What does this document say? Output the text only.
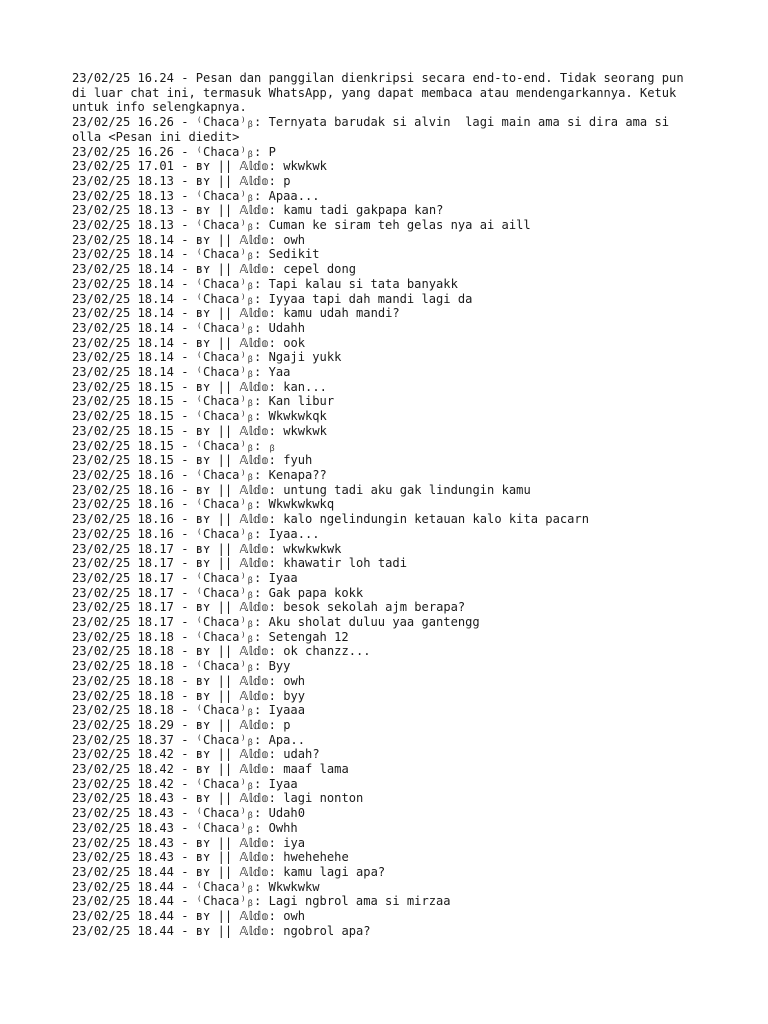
23/02/25 16.24 - Pesan dan panggilan dienkripsi secara end-to-end. Tidak seorang pun di luar chat ini, termasuk WhatsApp, yang dapat membaca atau mendengarkannya. Ketuk untuk info selengkapnya.
23/02/25 16.26 - ⁽Chaca⁾ᵦ: Ternyata barudak si alvin  lagi main ama si dira ama si olla <Pesan ini diedit>
23/02/25 16.26 - ⁽Chaca⁾ᵦ: P
23/02/25 17.01 - ʙʏ || 𝔸𝕝𝕕𝕠: wkwkwk
23/02/25 18.13 - ʙʏ || 𝔸𝕝𝕕𝕠: p
23/02/25 18.13 - ⁽Chaca⁾ᵦ: Apaa...
23/02/25 18.13 - ʙʏ || 𝔸𝕝𝕕𝕠: kamu tadi gakpapa kan?
23/02/25 18.13 - ⁽Chaca⁾ᵦ: Cuman ke siram teh gelas nya ai aill
23/02/25 18.14 - ʙʏ || 𝔸𝕝𝕕𝕠: owh
23/02/25 18.14 - ⁽Chaca⁾ᵦ: Sedikit
23/02/25 18.14 - ʙʏ || 𝔸𝕝𝕕𝕠: cepel dong
23/02/25 18.14 - ⁽Chaca⁾ᵦ: Tapi kalau si tata banyakk
23/02/25 18.14 - ⁽Chaca⁾ᵦ: Iyyaa tapi dah mandi lagi da
23/02/25 18.14 - ʙʏ || 𝔸𝕝𝕕𝕠: kamu udah mandi?
23/02/25 18.14 - ⁽Chaca⁾ᵦ: Udahh
23/02/25 18.14 - ʙʏ || 𝔸𝕝𝕕𝕠: ook
23/02/25 18.14 - ⁽Chaca⁾ᵦ: Ngaji yukk
23/02/25 18.14 - ⁽Chaca⁾ᵦ: Yaa
23/02/25 18.15 - ʙʏ || 𝔸𝕝𝕕𝕠: kan...
23/02/25 18.15 - ⁽Chaca⁾ᵦ: Kan libur
23/02/25 18.15 - ⁽Chaca⁾ᵦ: Wkwkwkqk
23/02/25 18.15 - ʙʏ || 𝔸𝕝𝕕𝕠: wkwkwk
23/02/25 18.15 - ⁽Chaca⁾ᵦ: ᵦ
23/02/25 18.15 - ʙʏ || 𝔸𝕝𝕕𝕠: fyuh
23/02/25 18.16 - ⁽Chaca⁾ᵦ: Kenapa??
23/02/25 18.16 - ʙʏ || 𝔸𝕝𝕕𝕠: untung tadi aku gak lindungin kamu
23/02/25 18.16 - ⁽Chaca⁾ᵦ: Wkwkwkwkq
23/02/25 18.16 - ʙʏ || 𝔸𝕝𝕕𝕠: kalo ngelindungin ketauan kalo kita pacarn
23/02/25 18.16 - ⁽Chaca⁾ᵦ: Iyaa...
23/02/25 18.17 - ʙʏ || 𝔸𝕝𝕕𝕠: wkwkwkwk
23/02/25 18.17 - ʙʏ || 𝔸𝕝𝕕𝕠: khawatir loh tadi
23/02/25 18.17 - ⁽Chaca⁾ᵦ: Iyaa
23/02/25 18.17 - ⁽Chaca⁾ᵦ: Gak papa kokk
23/02/25 18.17 - ʙʏ || 𝔸𝕝𝕕𝕠: besok sekolah ajm berapa?
23/02/25 18.17 - ⁽Chaca⁾ᵦ: Aku sholat duluu yaa gantengg
23/02/25 18.18 - ⁽Chaca⁾ᵦ: Setengah 12
23/02/25 18.18 - ʙʏ || 𝔸𝕝𝕕𝕠: ok chanzz...
23/02/25 18.18 - ⁽Chaca⁾ᵦ: Byy
23/02/25 18.18 - ʙʏ || 𝔸𝕝𝕕𝕠: owh
23/02/25 18.18 - ʙʏ || 𝔸𝕝𝕕𝕠: byy
23/02/25 18.18 - ⁽Chaca⁾ᵦ: Iyaaa
23/02/25 18.29 - ʙʏ || 𝔸𝕝𝕕𝕠: p
23/02/25 18.37 - ⁽Chaca⁾ᵦ: Apa..
23/02/25 18.42 - ʙʏ || 𝔸𝕝𝕕𝕠: udah?
23/02/25 18.42 - ʙʏ || 𝔸𝕝𝕕𝕠: maaf lama
23/02/25 18.42 - ⁽Chaca⁾ᵦ: Iyaa
23/02/25 18.43 - ʙʏ || 𝔸𝕝𝕕𝕠: lagi nonton
23/02/25 18.43 - ⁽Chaca⁾ᵦ: Udah0
23/02/25 18.43 - ⁽Chaca⁾ᵦ: Owhh
23/02/25 18.43 - ʙʏ || 𝔸𝕝𝕕𝕠: iya
23/02/25 18.43 - ʙʏ || 𝔸𝕝𝕕𝕠: hwehehehe
23/02/25 18.44 - ʙʏ || 𝔸𝕝𝕕𝕠: kamu lagi apa?
23/02/25 18.44 - ⁽Chaca⁾ᵦ: Wkwkwkw
23/02/25 18.44 - ⁽Chaca⁾ᵦ: Lagi ngbrol ama si mirzaa
23/02/25 18.44 - ʙʏ || 𝔸𝕝𝕕𝕠: owh
23/02/25 18.44 - ʙʏ || 𝔸𝕝𝕕𝕠: ngobrol apa?
